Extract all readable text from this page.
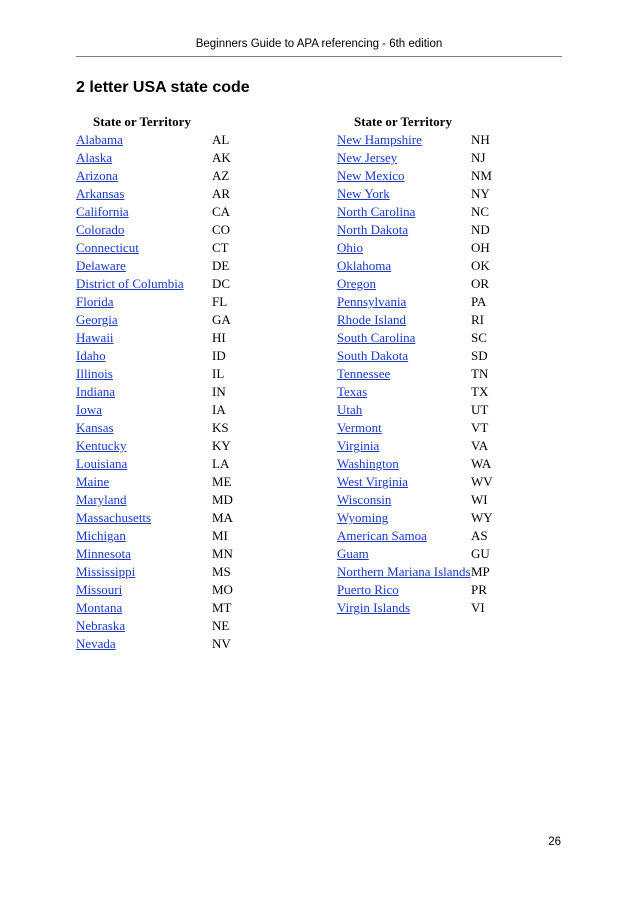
Beginners Guide to APA referencing - 6th edition
2 letter USA state code
State or Territory
Alabama	AL
Alaska	AK
Arizona	AZ
Arkansas	AR
California	CA
Colorado	CO
Connecticut	CT
Delaware	DE
District of Columbia	DC
Florida	FL
Georgia	GA
Hawaii	HI
Idaho	ID
Illinois	IL
Indiana	IN
Iowa	IA
Kansas	KS
Kentucky	KY
Louisiana	LA
Maine	ME
Maryland	MD
Massachusetts	MA
Michigan	MI
Minnesota	MN
Mississippi	MS
Missouri	MO
Montana	MT
Nebraska	NE
Nevada	NV
State or Territory
New Hampshire	NH
New Jersey	NJ
New Mexico	NM
New York	NY
North Carolina	NC
North Dakota	ND
Ohio	OH
Oklahoma	OK
Oregon	OR
Pennsylvania	PA
Rhode Island	RI
South Carolina	SC
South Dakota	SD
Tennessee	TN
Texas	TX
Utah	UT
Vermont	VT
Virginia	VA
Washington	WA
West Virginia	WV
Wisconsin	WI
Wyoming	WY
American Samoa	AS
Guam	GU
Northern Mariana Islands MP
Puerto Rico	PR
Virgin Islands	VI
26
